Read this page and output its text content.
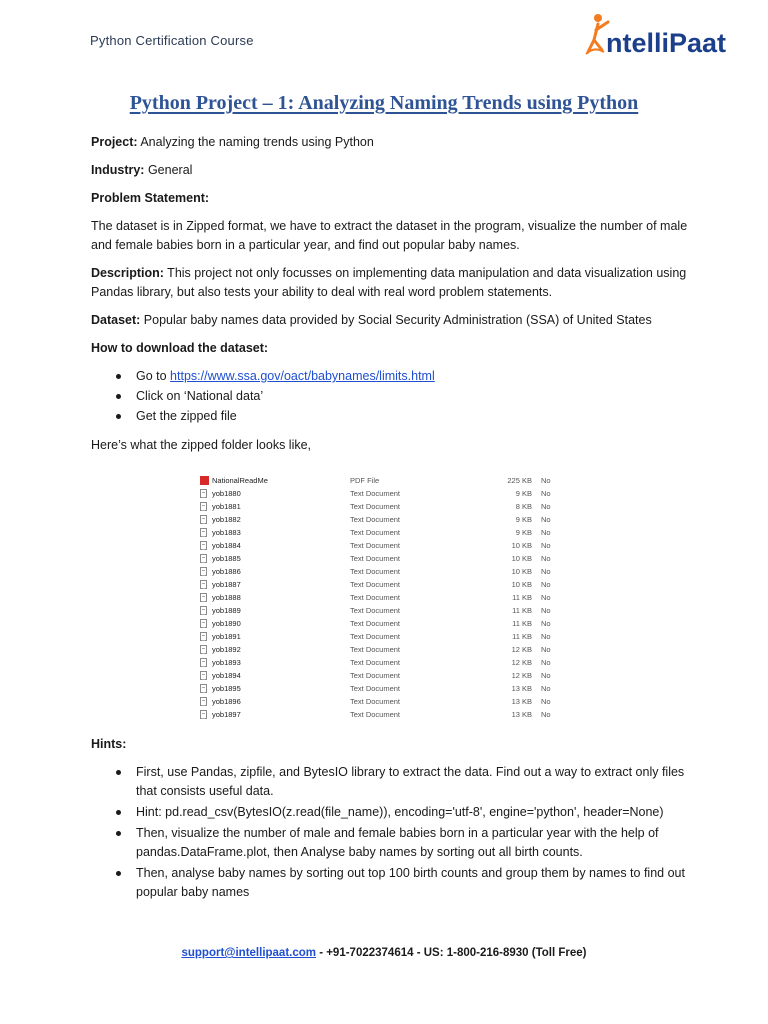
Python Certification Course	ntelliPaat
Python Project – 1: Analyzing Naming Trends using Python

Project: Analyzing the naming trends using Python

Industry: General

Problem Statement:

The dataset is in Zipped format, we have to extract the dataset in the program, visualize the number of male and female babies born in a particular year, and find out popular baby names.

Description: This project not only focusses on implementing data manipulation and data visualization using Pandas library, but also tests your ability to deal with real word problem statements.

Dataset: Popular baby names data provided by Social Security Administration (SSA) of United States

How to download the dataset:

Go to https://www.ssa.gov/oact/babynames/limits.html
Click on ‘National data’
Get the zipped file

Here’s what the zipped folder looks like,

NationalReadMe	PDF File	225 KB No
yob1880	Text Document	9 KB No
yob1881	Text Document	8 KB No
yob1882	Text Document	9 KB No
yob1883	Text Document	9 KB No
yob1884	Text Document	10 KB No
yob1885	Text Document	10 KB No
yob1886	Text Document	10 KB No
yob1887	Text Document	10 KB No
yob1888	Text Document	11 KB No
yob1889	Text Document	11 KB No
yob1890	Text Document	11 KB No
yob1891	Text Document	11 KB No
yob1892	Text Document	12 KB No
yob1893	Text Document	12 KB No
yob1894	Text Document	12 KB No
yob1895	Text Document	13 KB No
yob1896	Text Document	13 KB No
yob1897	Text Document	13 KB No

Hints:

First, use Pandas, zipfile, and BytesIO library to extract the data. Find out a way to extract only files that consists useful data.
Hint: pd.read_csv(BytesIO(z.read(file_name)), encoding='utf-8', engine='python', header=None)
Then, visualize the number of male and female babies born in a particular year with the help of pandas.DataFrame.plot, then Analyse baby names by sorting out all birth counts.
Then, analyse baby names by sorting out top 100 birth counts and group them by names to find out popular baby names
support@intellipaat.com - +91-7022374614 - US: 1-800-216-8930 (Toll Free)
